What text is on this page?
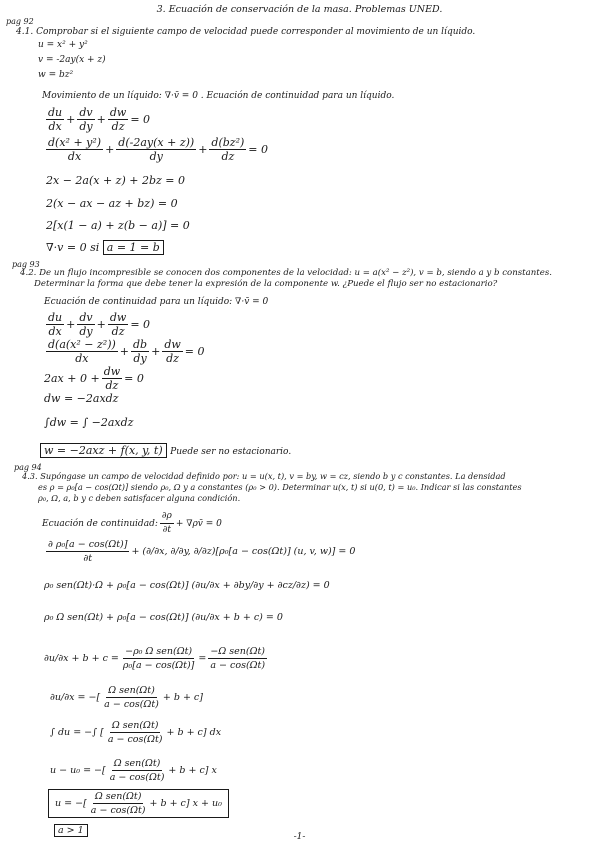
3. Ecuación de conservación de la masa. Problemas UNED.
pag 92
4.1. Comprobar si el siguiente campo de velocidad puede corresponder al movimiento de un líquido.
u = x² + y²
v = -2ay(x + z)
w = bz²
Movimiento de un líquido: ∇·v̄ = 0 . Ecuación de continuidad para un líquido.
$\frac{du}{dx} + \frac{dv}{dy} + \frac{dw}{dz} = 0$
$\frac{\text{d(x² + y²)}}{dx} + \frac{d(-2ay(x + z))}{dy} + \frac{\text{d(bz²)}}{dz} = 0$
2x − 2a(x + z) + 2bz = 0
2(x − ax − az + bz) = 0
2[x(1 − a) + z(b − a)] = 0
∇·v = 0 si a = 1 = b
pag 93
4.2. De un flujo incompresible se conocen dos componentes de la velocidad: u = a(x² − z²), v = b, siendo a y b constantes.
Determinar la forma que debe tener la expresión de la componente w. ¿Puede el flujo ser no estacionario?
Ecuación de continuidad para un líquido: ∇·v̄ = 0
$\frac{du}{dx} + \frac{dv}{dy} + \frac{dw}{dz} = 0$
$\frac{\text{d(a(x² − z²))}}{dx} + \frac{db}{dy} + \frac{dw}{dz} = 0$
$2ax + 0 + \frac{dw}{dz} = 0$
dw = −2axdz
∫dw = ∫ −2axdz
w = −2axz + f(x, y, t) Puede ser no estacionario.
pag 94
4.3. Supóngase un campo de velocidad definido por: u = u(x, t), v = by, w = cz, siendo b y c constantes. La densidad
es ρ = ρ₀[a − cos(Ωt)] siendo ρ₀, Ω y a constantes (ρ₀ > 0). Determinar u(x, t) si u(0, t) = u₀. Indicar si las constantes
ρ₀, Ω, a, b y c deben satisfacer alguna condición.
Ecuación de continuidad: $\frac{\partial\rho}{\partial t}$ + ∇ρv̄ = 0
$\frac{\text{∂ ρ₀[a − cos(Ωt)]}}{\partial t} + (\partial/\partial x$, ∂/∂y, ∂/∂z)[ρ₀[a − cos(Ωt)] (u, v, w)] = 0
ρ₀ sen(Ωt)·Ω + ρ₀[a − cos(Ωt)] (∂u/∂x + ∂by/∂y + ∂cz/∂z) = 0
ρ₀ Ω sen(Ωt) + ρ₀[a − cos(Ωt)] (∂u/∂x + b + c) = 0
$\partial u/\partial x + b + c = \frac{\text{−ρ₀ Ω sen(Ωt)}}{\text{ρ₀[a − cos(Ωt)]}} = \frac{\text{−Ω sen(Ωt)}}{a - \cos(\Omega t)}$
∂u/∂x = −[ $\frac{\text{Ω sen(Ωt)}}{a - \cos(\Omega t)} + b + c$]
∫ du = −∫ [ $\frac{\text{Ω sen(Ωt)}}{a - \cos(\Omega t)} + b + c$] dx
u − u₀ = −[ $\frac{\text{Ω sen(Ωt)}}{a - \cos(\Omega t)} + b + c$] x
u = −[ $\frac{\text{Ω sen(Ωt)}}{a - \cos(\Omega t)} + b + c$] x + u₀
a > 1
-1-
